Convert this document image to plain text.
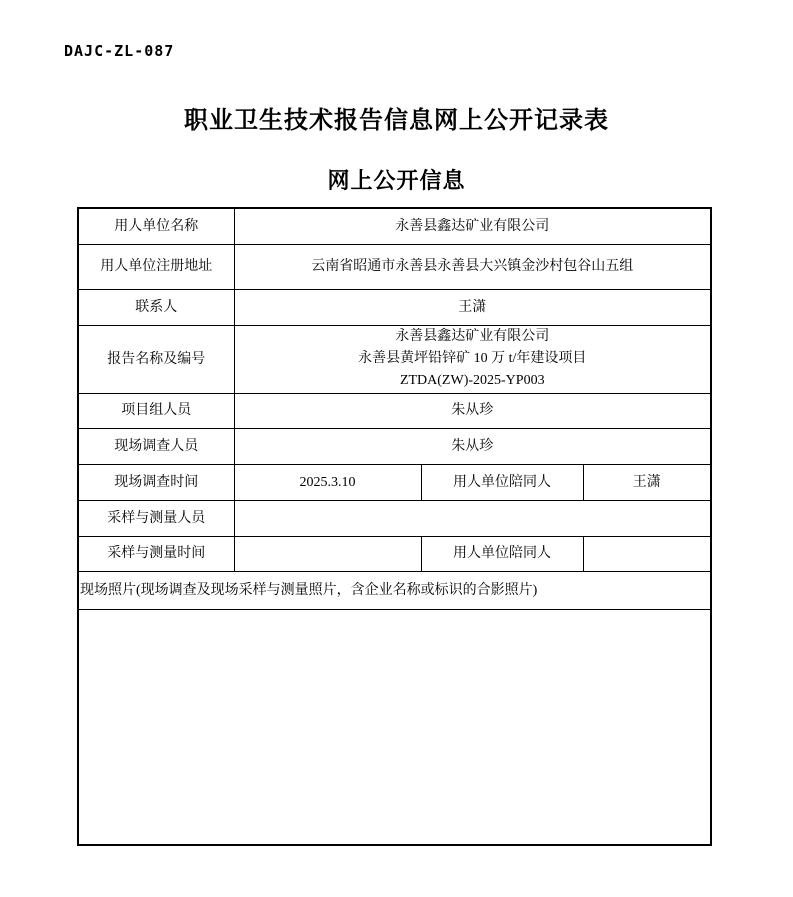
DAJC-ZL-087
职业卫生技术报告信息网上公开记录表
网上公开信息
用人单位名称	永善县鑫达矿业有限公司		
用人单位注册地址	云南省昭通市永善县永善县大兴镇金沙村包谷山五组		
联系人	王潇		
报告名称及编号	永善县鑫达矿业有限公司
永善县黄坪铅锌矿 10 万 t/年建设项目
ZTDA(ZW)-2025-YP003		

项目组人员	朱从珍		
现场调查人员	朱从珍		
现场调查时间	2025.3.10	用人单位陪同人	王潇
采样与测量人员			
采样与测量时间		用人单位陪同人	
现场照片(现场调查及现场采样与测量照片，含企业名称或标识的合影照片)			
